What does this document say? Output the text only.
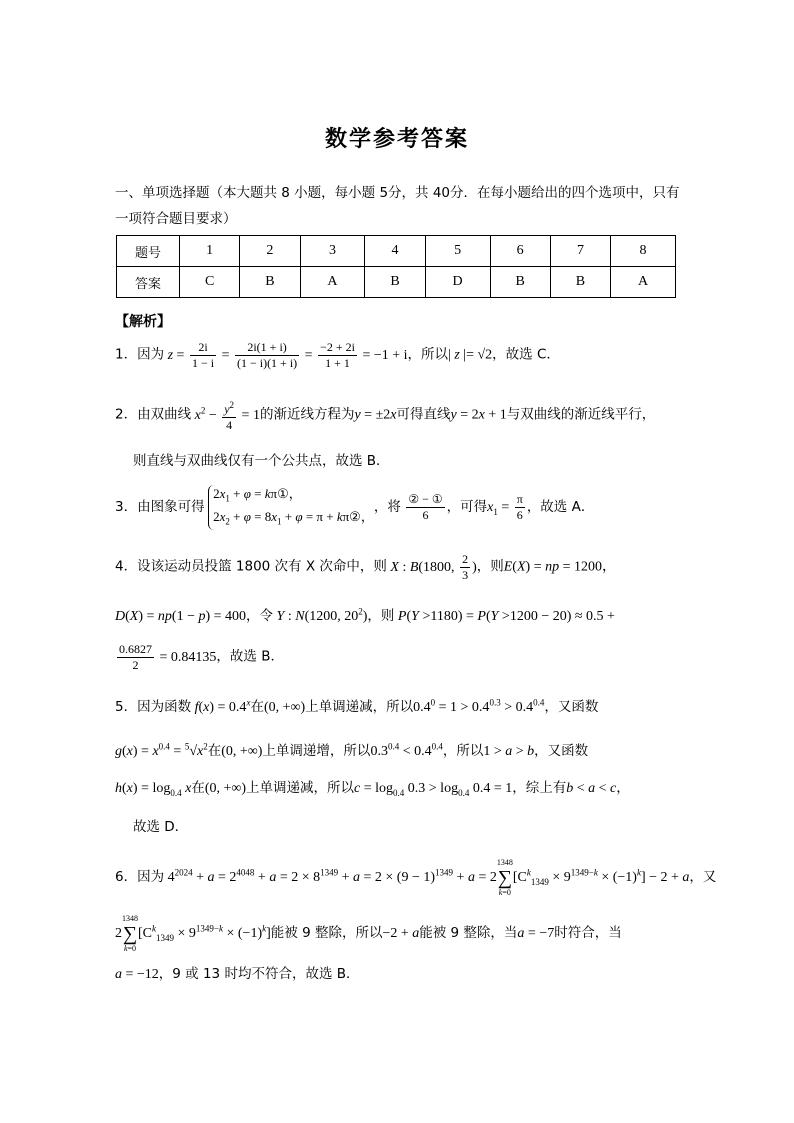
数学参考答案
一、单项选择题（本大题共 8 小题，每小题 5分，共 40分．在每小题给出的四个选项中，只有一项符合题目要求）
题号	1	2	3	4	5	6	7	8
答案	C	B	A	B	D	B	B	A
【解析】
1．因为 $z = \frac{2i}{1 - i} = \frac{2i(1 + i)}{(1 - i)(1 + i)} = \frac{-2 + 2i}{1 + 1} = -1 + i$，所以| z |= √2，故选 C．
2．由双曲线 $x^2 - \frac{y^2}{4} = 1$的渐近线方程为y = ±2x可得直线y = 2x + 1与双曲线的渐近线平行，
则直线与双曲线仅有一个公共点，故选 B．
3．由图象可得 $2x_1 + \varphi$ = kπ①，
$2x_2 + \varphi = 8x_1 + \varphi = \pi$ + kπ②，，将 $\frac{\text{② − ①}}{6}$ ，可得$x_1 = \frac{\pi}{6}$ ，故选 A．
4．设该运动员投篮 1800 次有 X 次命中，则 X : B(1800, $\frac{2}{3}$ )，则E(X) = np = 1200，
D(X) = np(1 − p) = 400，令 Y : N(1200, $20^2$)，则 P(Y >1180) = P(Y >1200 − 20) ≈ 0.5 +
$\frac{0.6827}{2} = 0.84135$，故选 B．
5．因为函数 $f(x) = 0.4^x$在(0, +∞)上单调递减，所以$0.4^0 = 1 > 0.4^{0.3} > 0.4^{0.4}$，又函数
$g(x) = x^{0.4} = ^5√x^2$在(0, +∞)上单调递增，所以$0.3^{0.4} < 0.4^{0.4}$，所以1 > a > b，又函数
$h(x) = \log_{0.4} x$在(0, +∞)上单调递减，所以$c = \log_{0.4} 0.3 > \log_{0.4} 0.4 = 1$，综上有b < a < c，
故选 D．
6．因为 $4^{2024} + a = 2^{4048} + a = 2 \times 8^{1349} + a = 2 \times (9 - 1)^{1349} + a = 21348$
∑
$k=0[C^k_{1349} \times 9^{1349-k} \times (-1)^k] - 2 + a$，又
21348
∑
$k=0[C^k_{1349} \times 9^{1349-k} \times (-1)^k]$能被 9 整除，所以−2 + a能被 9 整除，当a = −7时符合，当
a = −12，9 或 13 时均不符合，故选 B．
